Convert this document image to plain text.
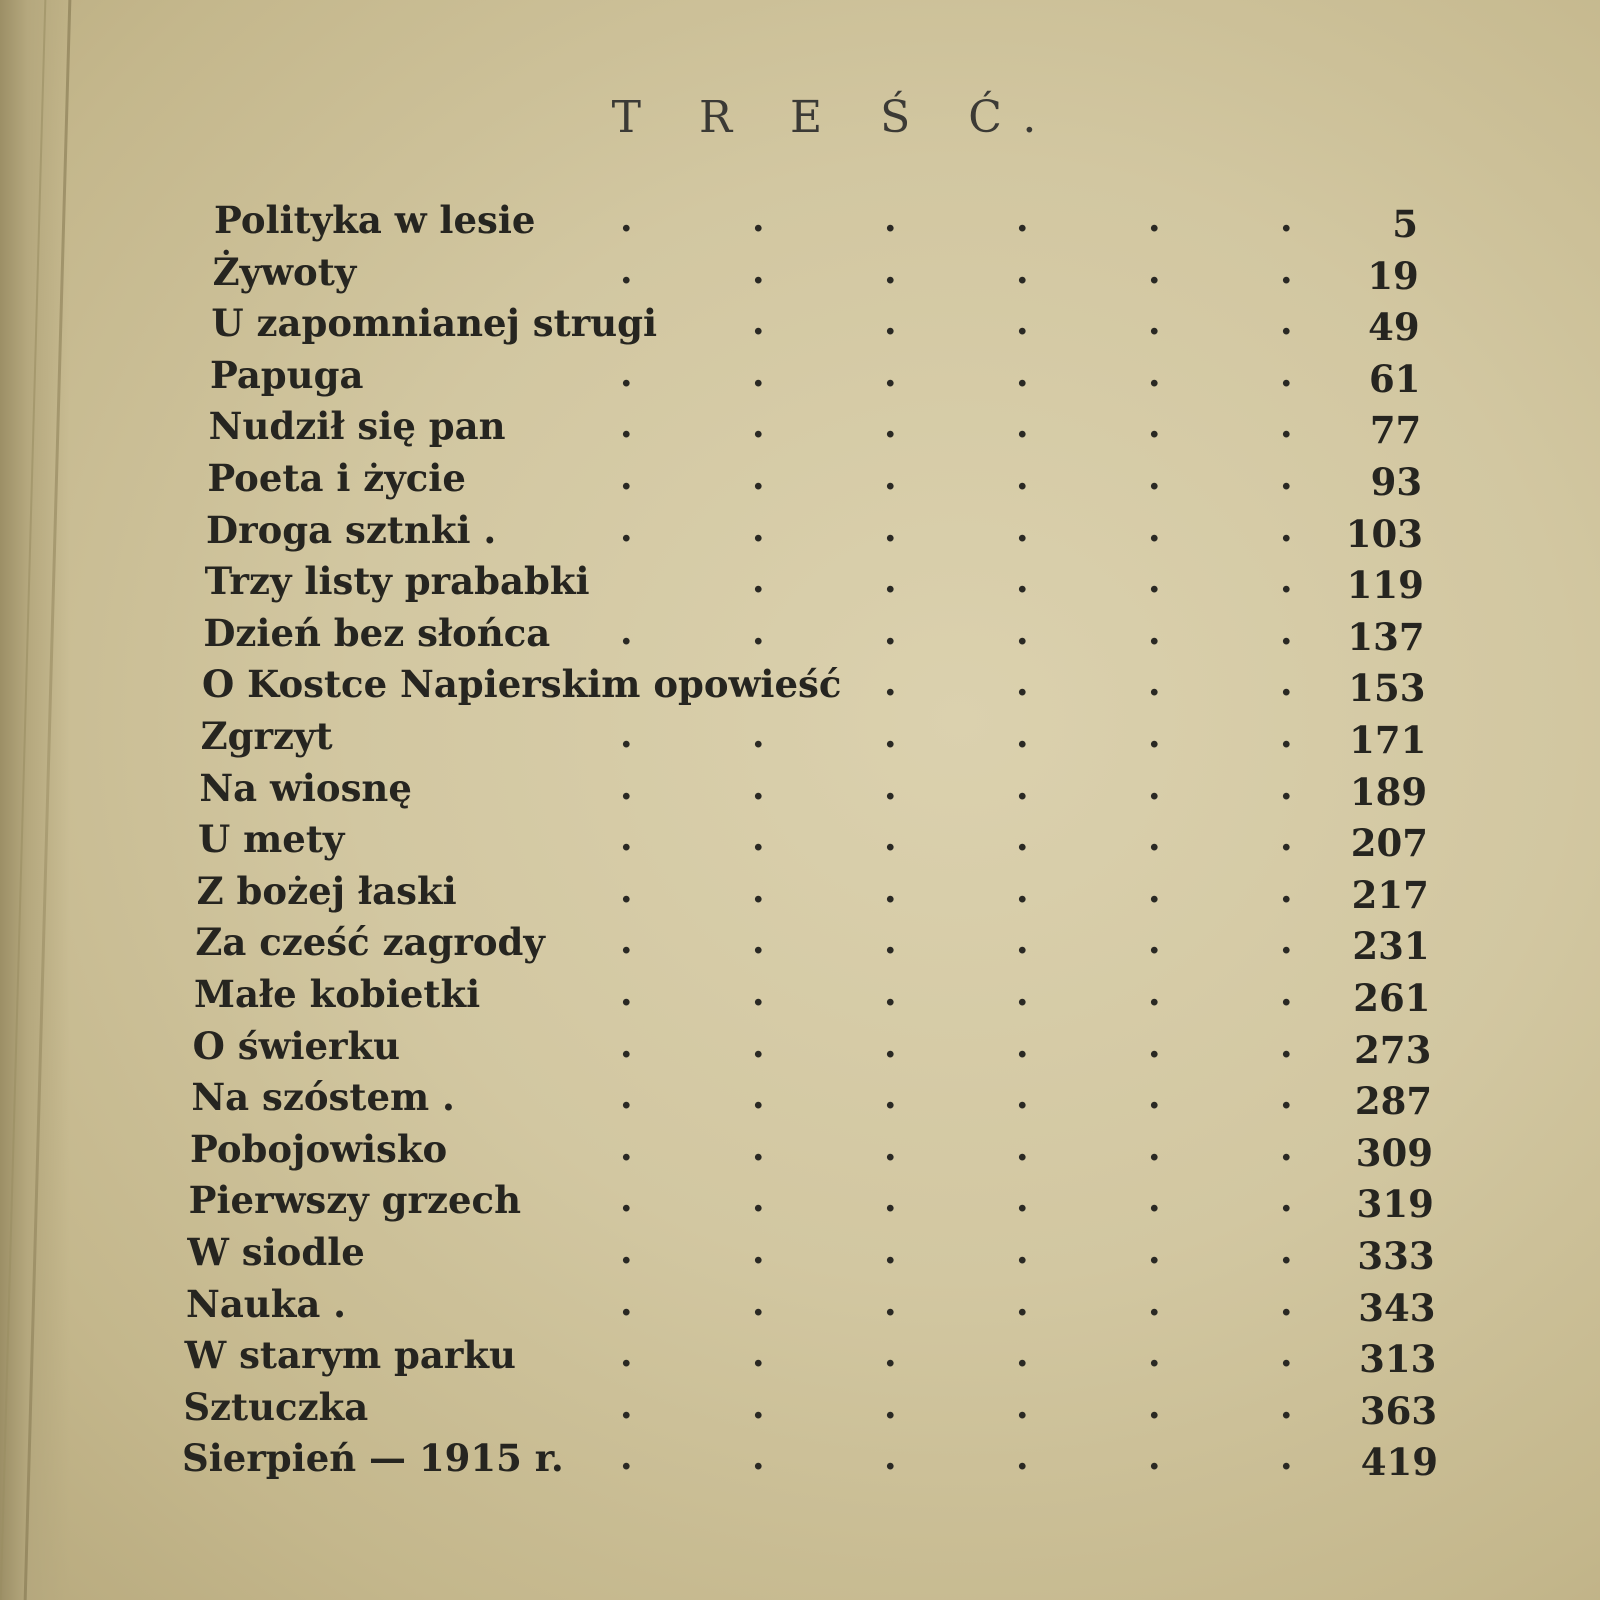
T R E Ś Ć.
Polityka w lesie .	.	.	.	.	.	5
Żywoty	.	.	.	.	.	. 19
U zapomnianej strugi	.	.	.	.	. 49
Papuga	.	.	.	.	.	. 61
Nudził się pan	.	.	.	.	.	. 77
Poeta i życie	.	.	.	.	.	. 93
Droga sztnki .	.	.	.	.	.	. 103
Trzy listy prababki	.	.	.	.	. 119
Dzień bez słońca .	.	.	.	.	. 137
O Kostce Napierskim opowieść .	.	.	. 153
Zgrzyt	.	.	.	.	.	. 171
Na wiosnę	.	.	.	.	.	. 189
U mety	.	.	.	.	.	. 207
Z bożej łaski	.	.	.	.	.	. 217
Za cześć zagrody .	.	.	.	.	. 231
Małe kobietki	.	.	.	.	.	. 261
O świerku	.	.	.	.	.	. 273
Na szóstem .	.	.	.	.	.	. 287
Pobojowisko	.	.	.	.	.	. 309
Pierwszy grzech	.	.	.	.	.	. 319
W siodle	.	.	.	.	.	. 333
Nauka .	.	.	.	.	.	. 343
W starym parku	.	.	.	.	.	. 313
Sztuczka	.	.	.	.	.	. 363
Sierpień — 1915 r. .	.	.	.	.	. 419
